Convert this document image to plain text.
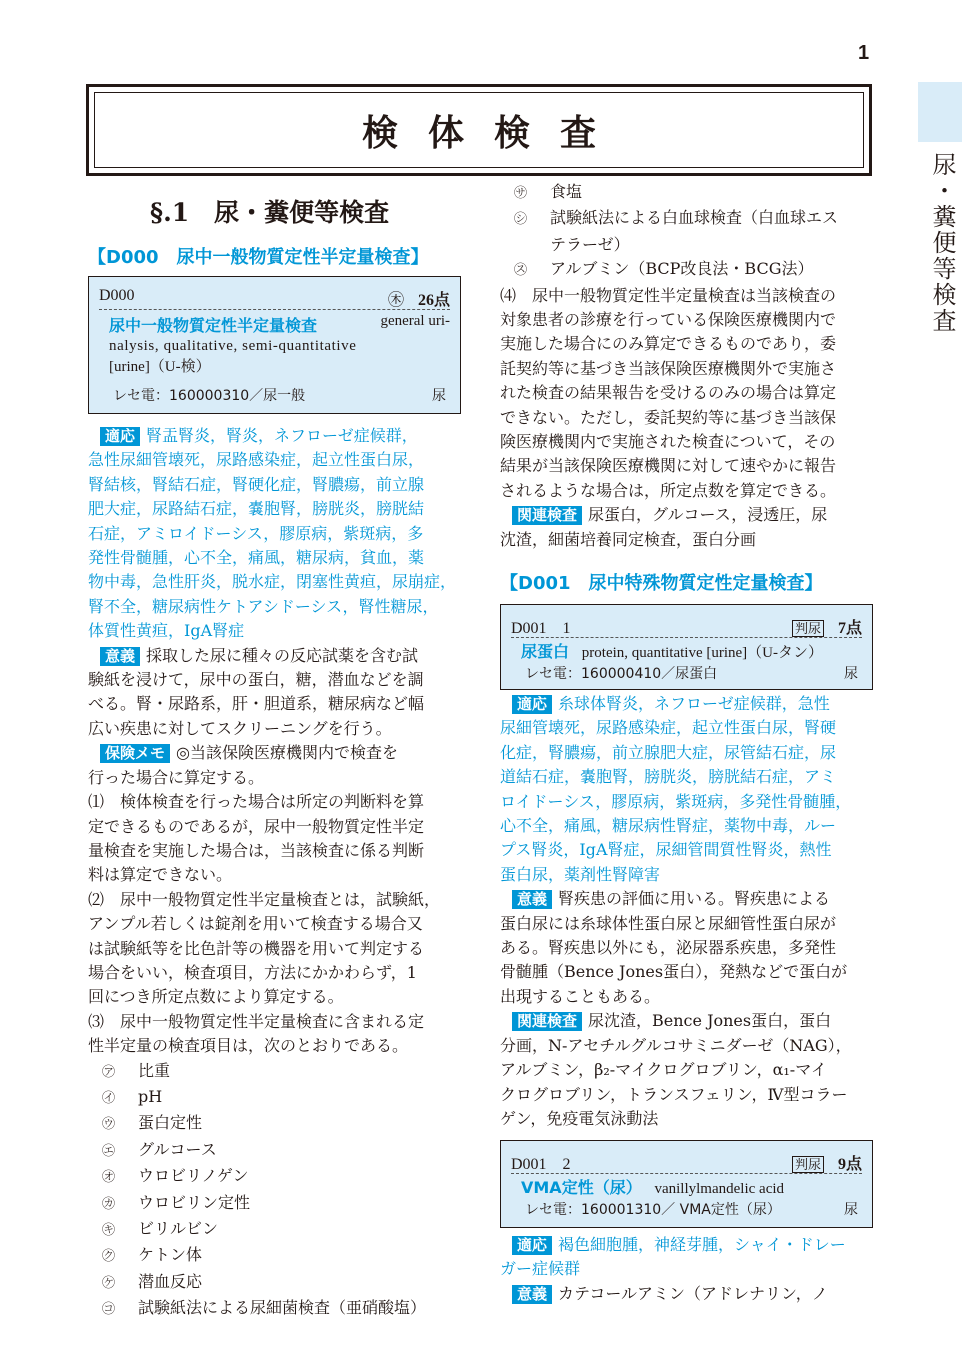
1
尿・糞便等検査
検体検査
§.1　尿・糞便等検査
【D000　尿中一般物質定性半定量検査】
D000	㊍ 26点
尿中一般物質定性半定量検査	general uri-
nalysis, qualitative, semi-quantitative
[urine]（U-検）
レセ電：160000310／尿一般	尿
適応 腎盂腎炎，腎炎，ネフローゼ症候群，
急性尿細管壊死，尿路感染症，起立性蛋白尿，
腎結核，腎結石症，腎硬化症，腎膿瘍，前立腺
肥大症，尿路結石症，嚢胞腎，膀胱炎，膀胱結
石症，アミロイドーシス，膠原病，紫斑病，多
発性骨髄腫，心不全，痛風，糖尿病，貧血，薬
物中毒，急性肝炎，脱水症，閉塞性黄疸，尿崩症，
腎不全，糖尿病性ケトアシドーシス，腎性糖尿，
体質性黄疸，IgA腎症
意義 採取した尿に種々の反応試薬を含む試
験紙を浸けて，尿中の蛋白，糖，潜血などを調
べる。腎・尿路系，肝・胆道系，糖尿病など幅
広い疾患に対してスクリーニングを行う。
保険メモ ◎当該保険医療機関内で検査を
行った場合に算定する。
⑴　検体検査を行った場合は所定の判断料を算
定できるものであるが，尿中一般物質定性半定
量検査を実施した場合は，当該検査に係る判断
料は算定できない。
⑵　尿中一般物質定性半定量検査とは，試験紙，
アンプル若しくは錠剤を用いて検査する場合又
は試験紙等を比色計等の機器を用いて判定する
場合をいい，検査項目，方法にかかわらず，1
回につき所定点数により算定する。
⑶　尿中一般物質定性半定量検査に含まれる定
性半定量の検査項目は，次のとおりである。
㋐ 比重
㋑ pH
㋒ 蛋白定性
㋓ グルコース
㋔ ウロビリノゲン
㋕ ウロビリン定性
㋖ ビリルビン
㋗ ケトン体
㋘ 潜血反応
㋙ 試験紙法による尿細菌検査（亜硝酸塩）
㋚ 食塩
㋛ 試験紙法による白血球検査（白血球エス
テラーゼ）
㋜ アルブミン（BCP改良法・BCG法）
⑷　尿中一般物質定性半定量検査は当該検査の
対象患者の診療を行っている保険医療機関内で
実施した場合にのみ算定できるものであり，委
託契約等に基づき当該保険医療機関外で実施さ
れた検査の結果報告を受けるのみの場合は算定
できない。ただし，委託契約等に基づき当該保
険医療機関内で実施された検査について，その
結果が当該保険医療機関に対して速やかに報告
されるような場合は，所定点数を算定できる。
関連検査 尿蛋白，グルコース，浸透圧，尿
沈渣，細菌培養同定検査，蛋白分画
【D001　尿中特殊物質定性定量検査】
D001　1	判尿 7点
尿蛋白 protein, quantitative [urine]（U-タン）
レセ電：160000410／尿蛋白	尿
適応 糸球体腎炎，ネフローゼ症候群，急性
尿細管壊死，尿路感染症，起立性蛋白尿，腎硬
化症，腎膿瘍，前立腺肥大症，尿管結石症，尿
道結石症，嚢胞腎，膀胱炎，膀胱結石症，アミ
ロイドーシス，膠原病，紫斑病，多発性骨髄腫，
心不全，痛風，糖尿病性腎症，薬物中毒，ルー
プス腎炎，IgA腎症，尿細管間質性腎炎，熱性
蛋白尿，薬剤性腎障害
意義 腎疾患の評価に用いる。腎疾患による
蛋白尿には糸球体性蛋白尿と尿細管性蛋白尿が
ある。腎疾患以外にも，泌尿器系疾患，多発性
骨髄腫（Bence Jones蛋白），発熱などで蛋白が
出現することもある。
関連検査 尿沈渣，Bence Jones蛋白，蛋白
分画，N-アセチルグルコサミニダーゼ（NAG），
アルブミン，β₂-マイクログロブリン，α₁-マイ
クログロブリン，トランスフェリン，Ⅳ型コラー
ゲン，免疫電気泳動法
D001　2	判尿 9点
VMA定性（尿） vanillylmandelic acid
レセ電：160001310／ VMA定性（尿）	尿
適応 褐色細胞腫，神経芽腫，シャイ・ドレー
ガー症候群
意義 カテコールアミン（アドレナリン，ノ
